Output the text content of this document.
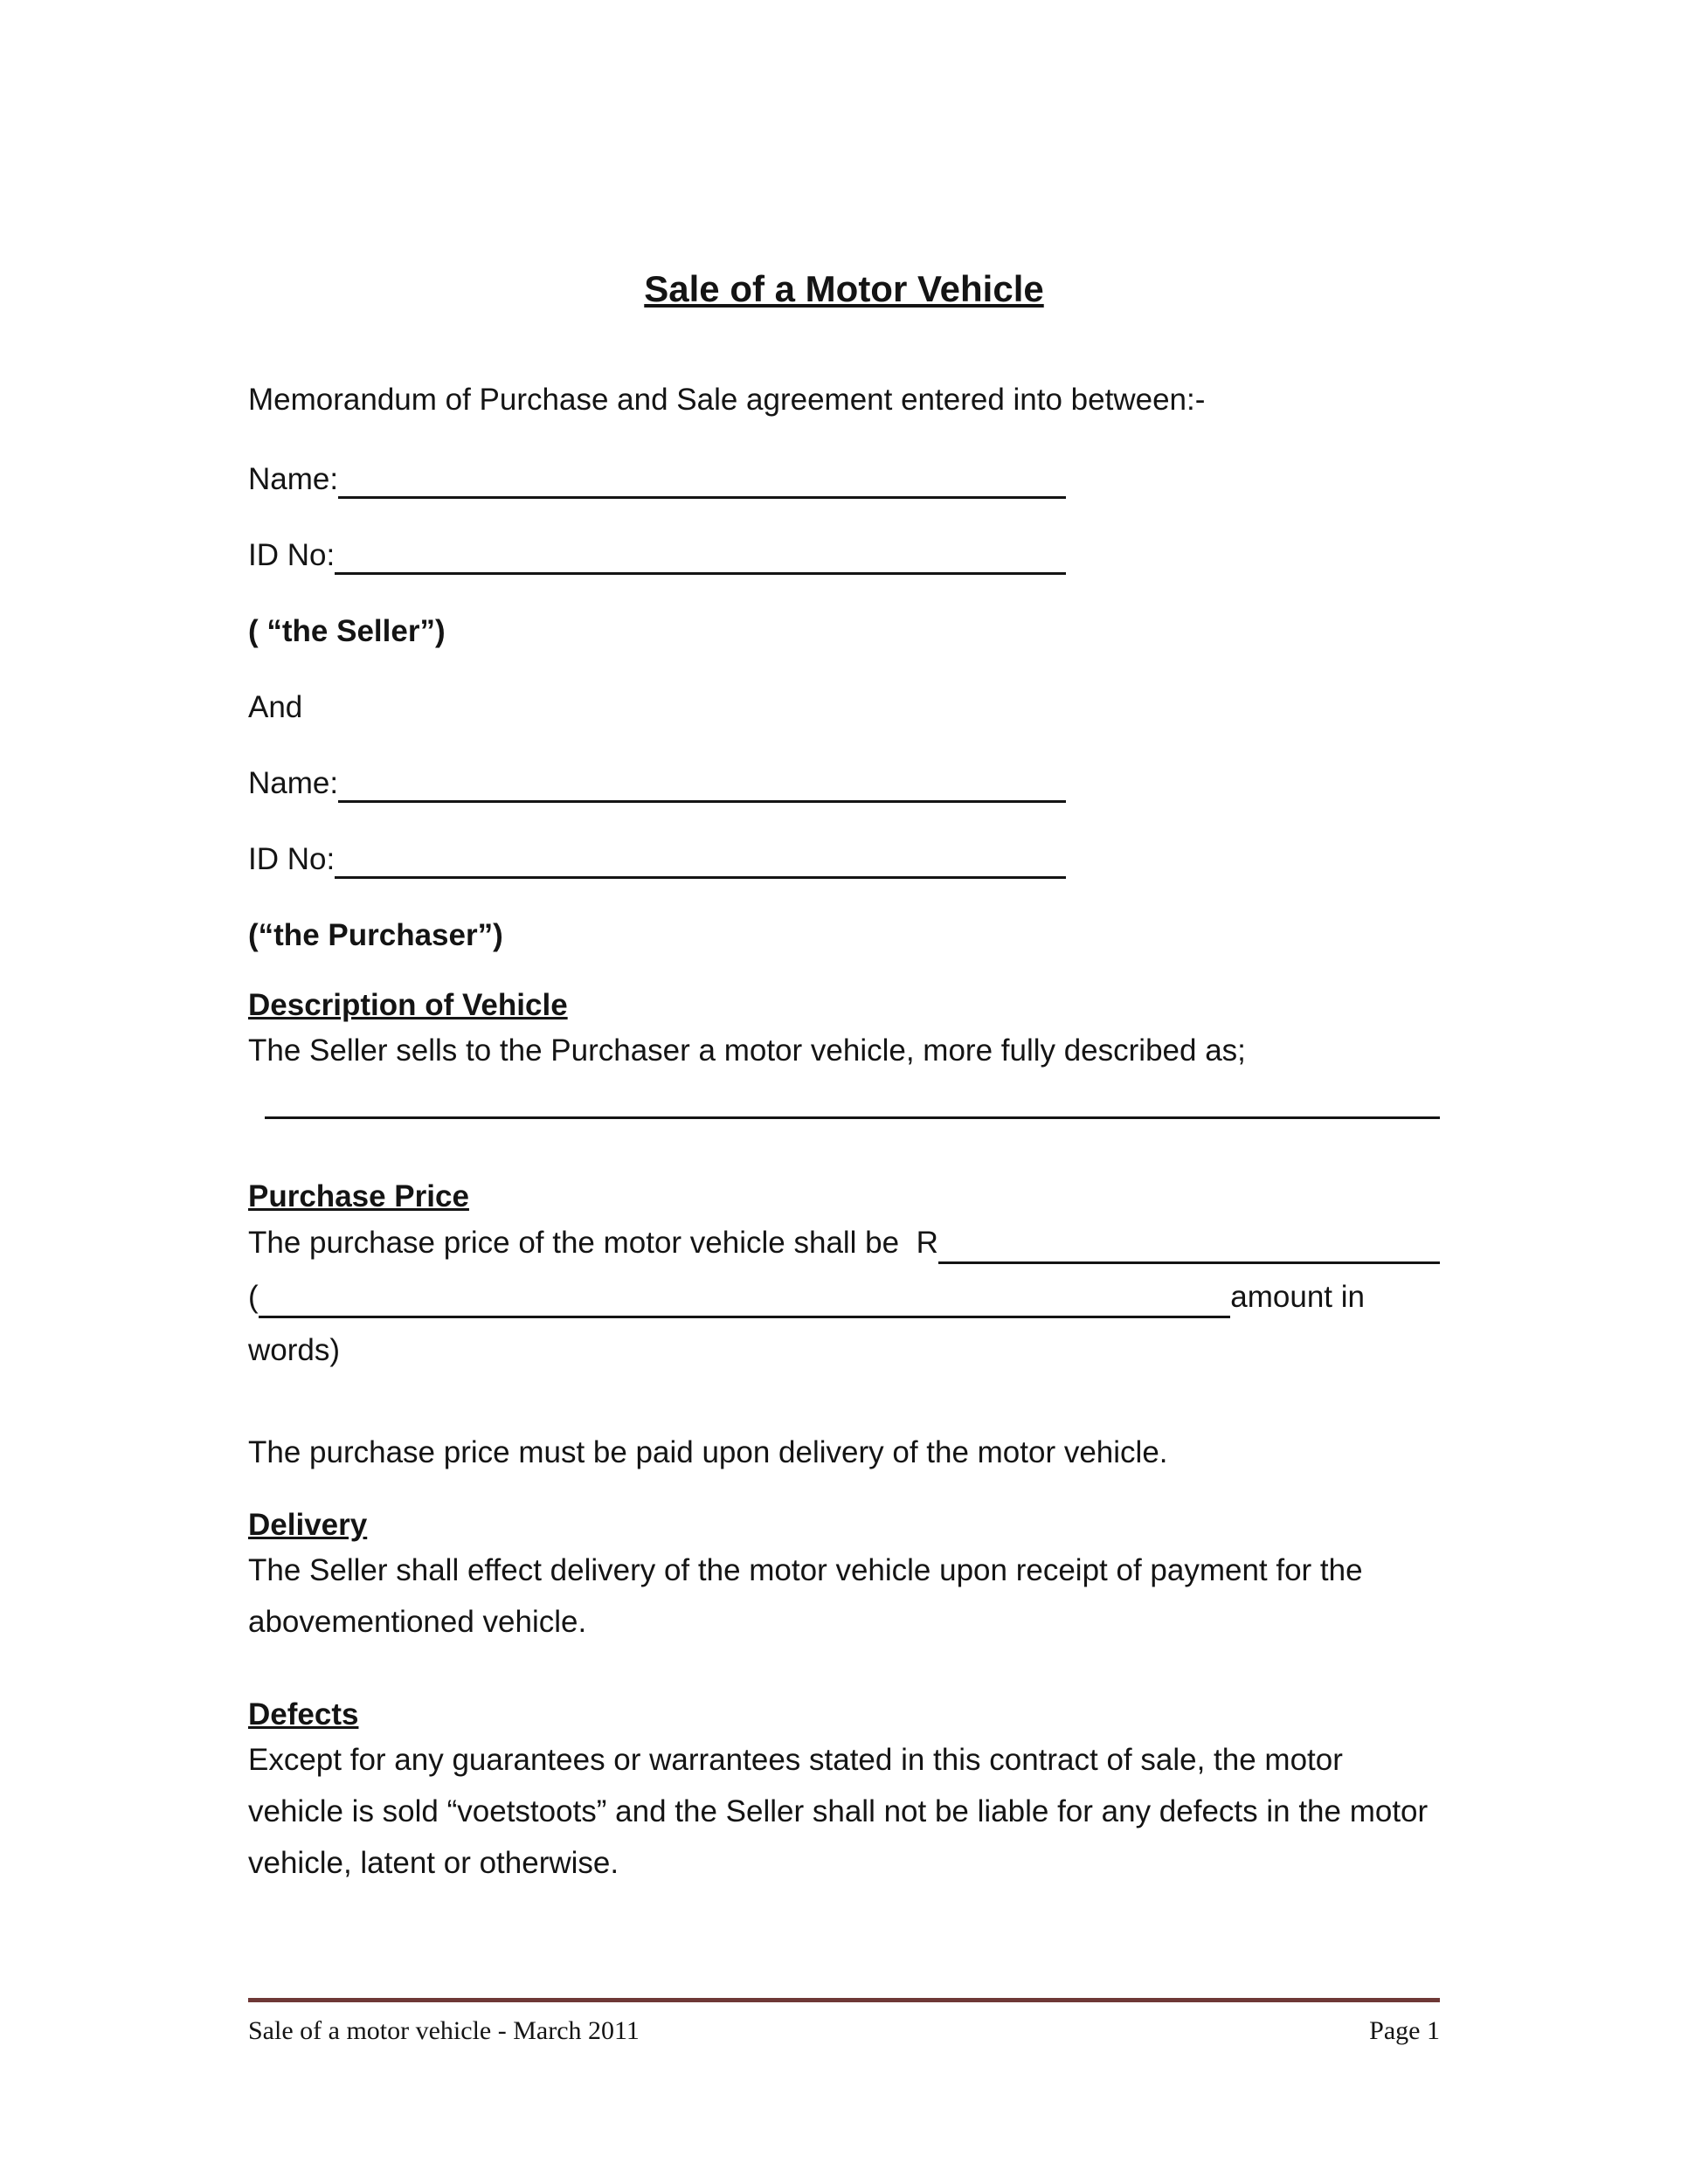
Sale of a Motor Vehicle

Memorandum of Purchase and Sale agreement entered into between:-

Name:
ID No:
( “the Seller”)
And
Name:
ID No:
(“the Purchaser”)
Description of Vehicle

The Seller sells to the Purchaser a motor vehicle, more fully described as;

Purchase Price
The purchase price of the motor vehicle shall be  R
(	amount in
words)

The purchase price must be paid upon delivery of the motor vehicle.

Delivery

The Seller shall effect delivery of the motor vehicle upon receipt of payment for the abovementioned vehicle.

Defects

Except for any guarantees or warrantees stated in this contract of sale, the motor vehicle is sold “voetstoots” and the Seller shall not be liable for any defects in the motor vehicle, latent or otherwise.

Sale of a motor vehicle - March 2011	Page 1
